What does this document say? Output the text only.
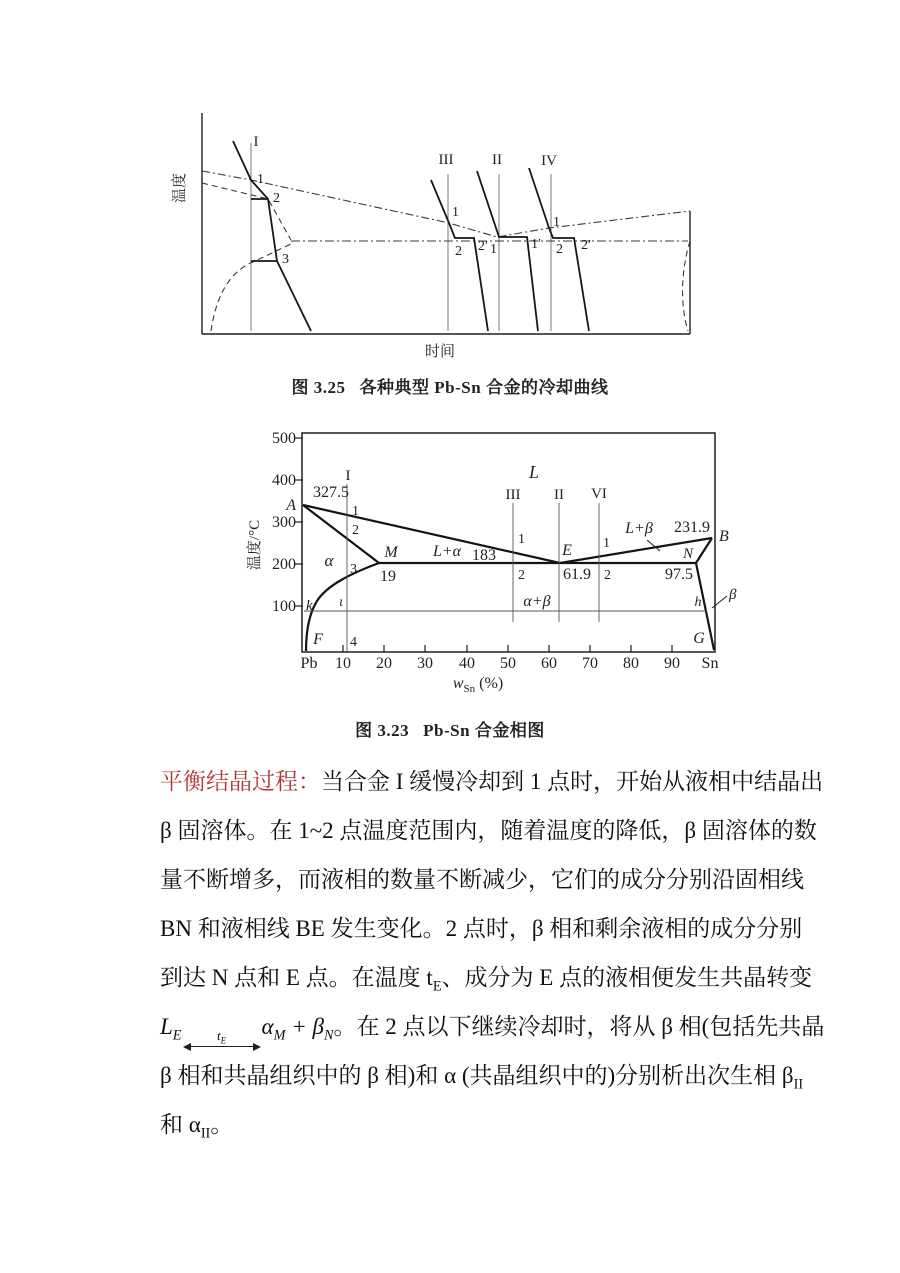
温度
时间
I
III	II	IV
1
2
3
1
2 2′ 1 1′
1
2 2′
图 3.25 各种典型 Pb-Sn 合金的冷却曲线
500
400
300
200
100
Pb 10 20 30 40 50 60 70 80 90 Sn
温度/°C
$w_{Sn}$ (%)
L
L+α
L+β
α
β
α+β
A
B
E
M	N
F	G
k	h
ι
327.5
231.9
183
61.9
19	97.5
I
III II VI
1
2
3
4
1
2
1
2
图 3.23 Pb-Sn 合金相图
平衡结晶过程：当合金 I 缓慢冷却到 1 点时，开始从液相中结晶出
β 固溶体。在 1~2 点温度范围内，随着温度的降低，β 固溶体的数
量不断增多，而液相的数量不断减少，它们的成分分别沿固相线
BN 和液相线 BE 发生变化。2 点时，β 相和剩余液相的成分分别
到达 N 点和 E 点。在温度 $t_E$、成分为 E 点的液相便发生共晶转变
$L_E$	$t_E$
$\alpha_M + \beta_N$。在 2 点以下继续冷却时，将从 β 相(包括先共晶
β 相和共晶组织中的 β 相)和 α (共晶组织中的)分别析出次生相 $\beta_{II}$
和 $\alpha_{II}$。
